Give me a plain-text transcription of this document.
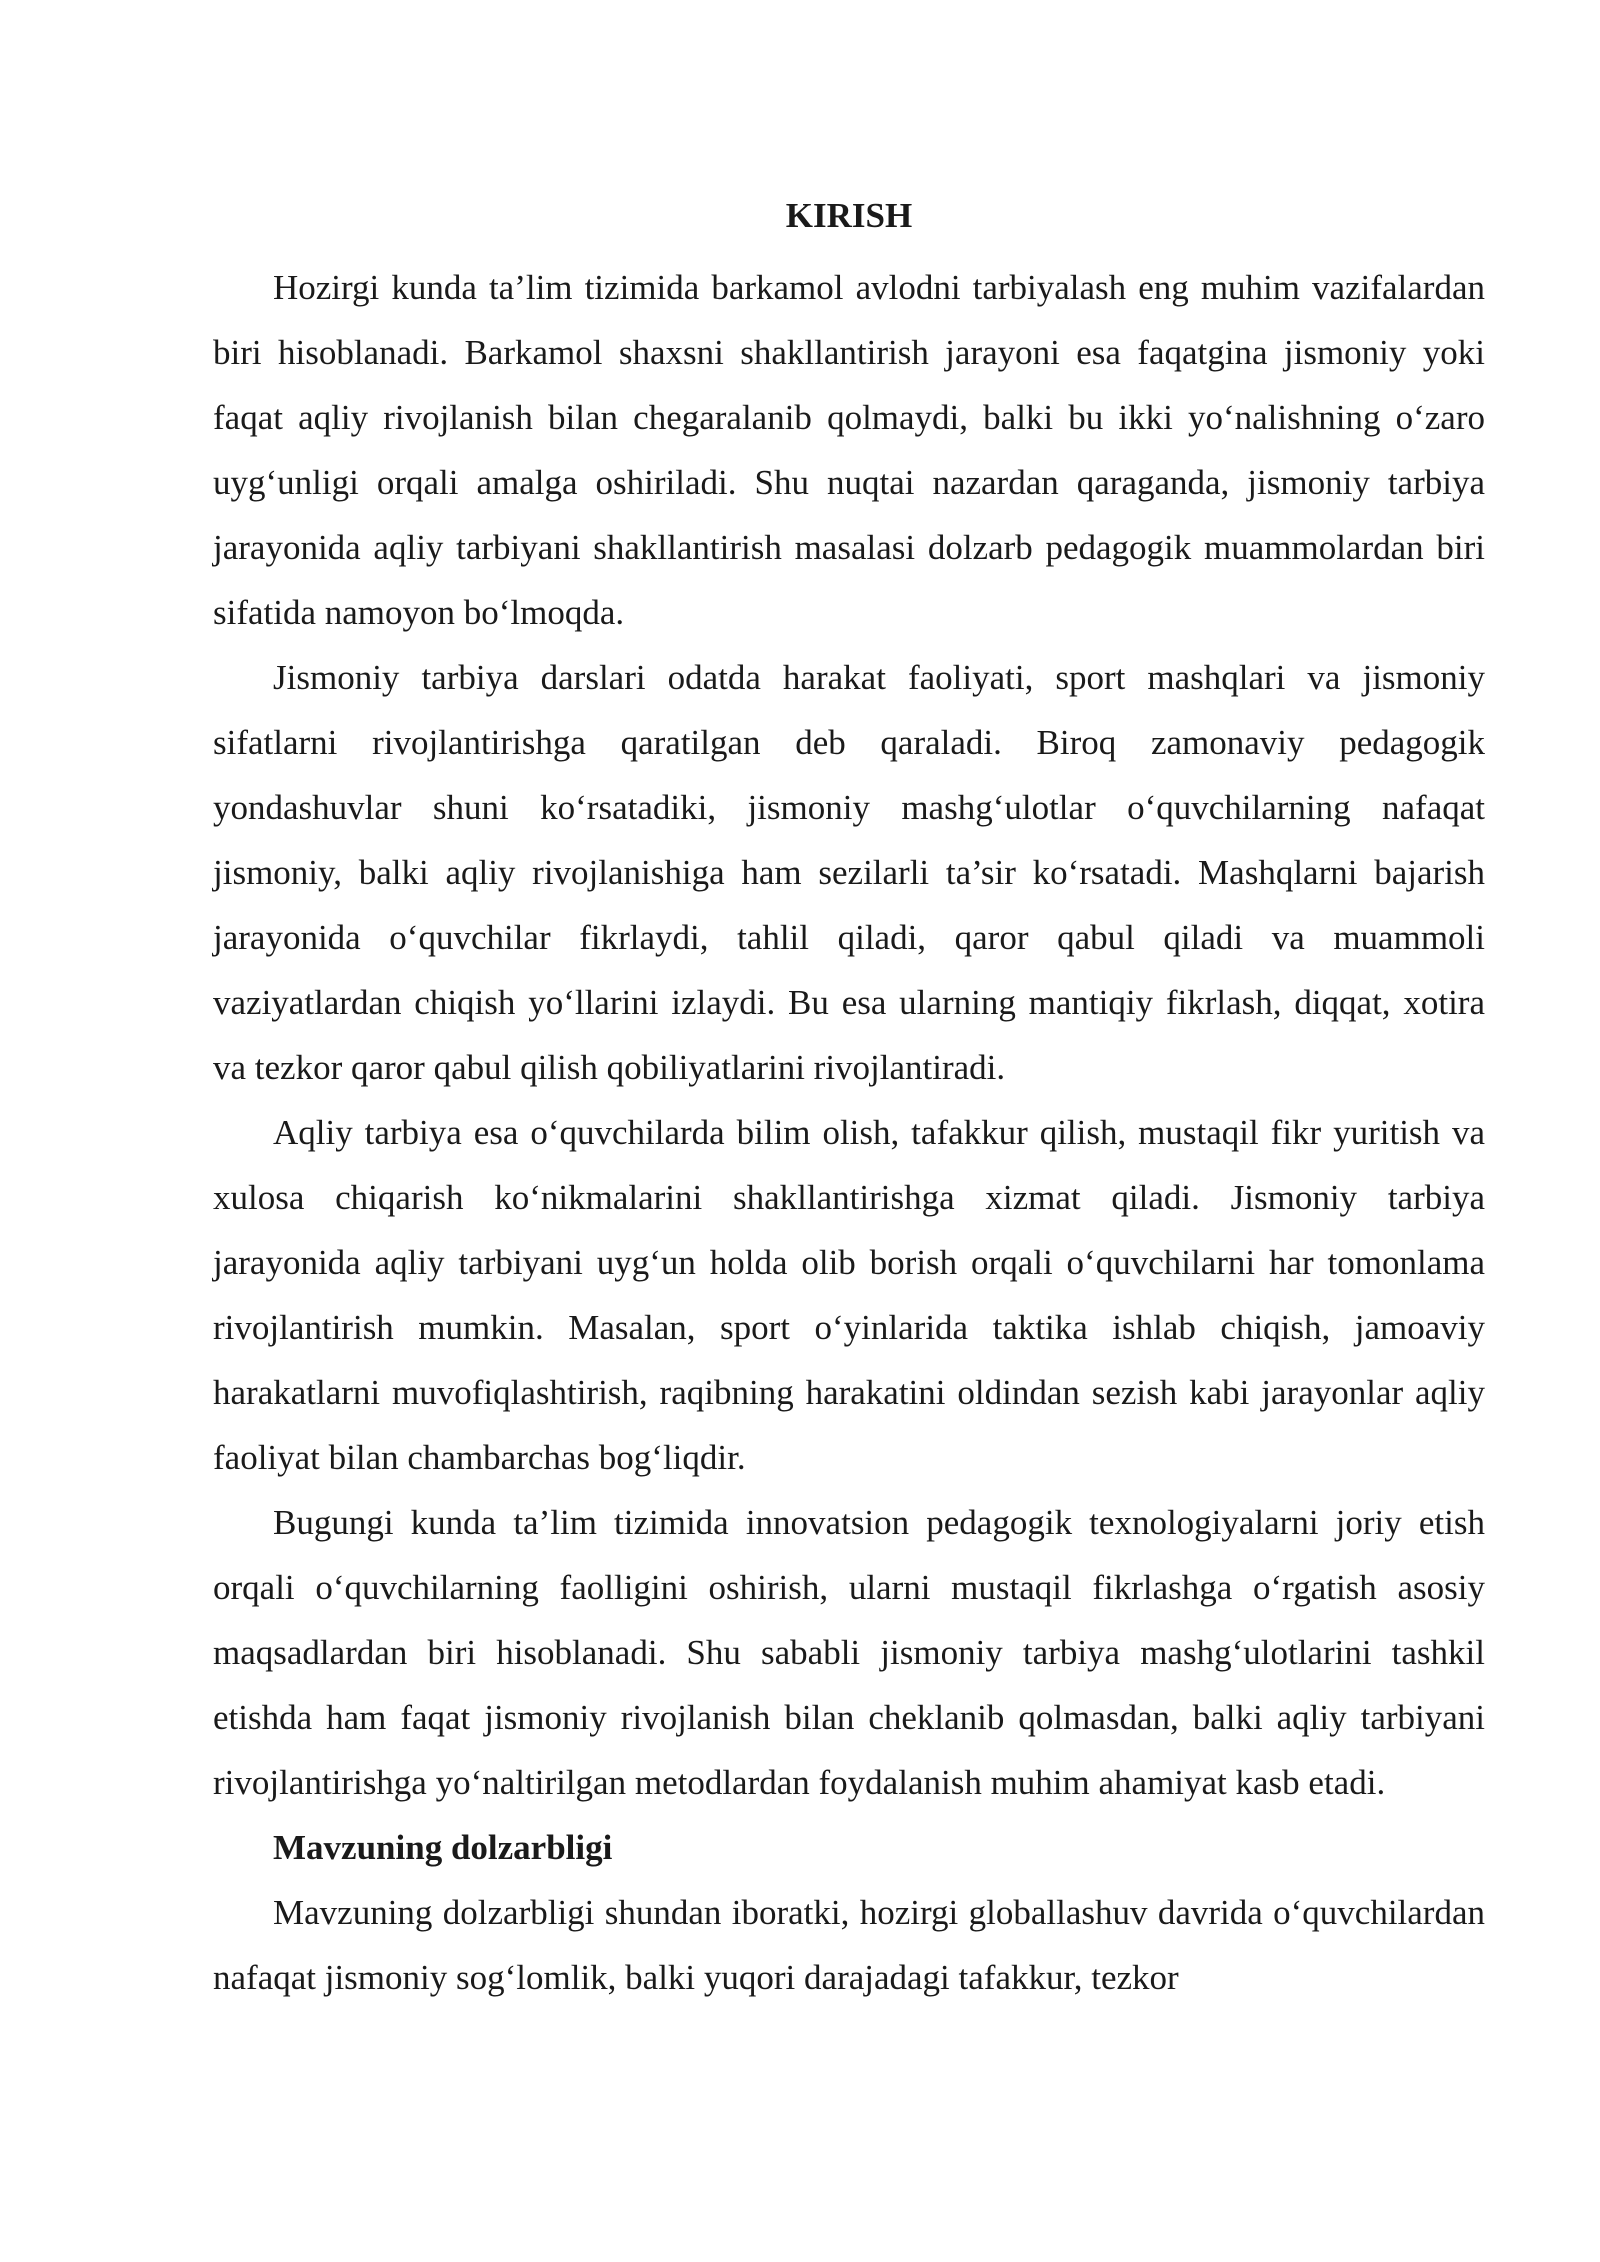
KIRISH

Hozirgi kunda ta’lim tizimida barkamol avlodni tarbiyalash eng muhim vazifalardan biri hisoblanadi. Barkamol shaxsni shakllantirish jarayoni esa faqatgina jismoniy yoki faqat aqliy rivojlanish bilan chegaralanib qolmaydi, balki bu ikki yo‘nalishning o‘zaro uyg‘unligi orqali amalga oshiriladi. Shu nuqtai nazardan qaraganda, jismoniy tarbiya jarayonida aqliy tarbiyani shakllantirish masalasi dolzarb pedagogik muammolardan biri sifatida namoyon bo‘lmoqda.

Jismoniy tarbiya darslari odatda harakat faoliyati, sport mashqlari va jismoniy sifatlarni rivojlantirishga qaratilgan deb qaraladi. Biroq zamonaviy pedagogik yondashuvlar shuni ko‘rsatadiki, jismoniy mashg‘ulotlar o‘quvchilarning nafaqat jismoniy, balki aqliy rivojlanishiga ham sezilarli ta’sir ko‘rsatadi. Mashqlarni bajarish jarayonida o‘quvchilar fikrlaydi, tahlil qiladi, qaror qabul qiladi va muammoli vaziyatlardan chiqish yo‘llarini izlaydi. Bu esa ularning mantiqiy fikrlash, diqqat, xotira va tezkor qaror qabul qilish qobiliyatlarini rivojlantiradi.

Aqliy tarbiya esa o‘quvchilarda bilim olish, tafakkur qilish, mustaqil fikr yuritish va xulosa chiqarish ko‘nikmalarini shakllantirishga xizmat qiladi. Jismoniy tarbiya jarayonida aqliy tarbiyani uyg‘un holda olib borish orqali o‘quvchilarni har tomonlama rivojlantirish mumkin. Masalan, sport o‘yinlarida taktika ishlab chiqish, jamoaviy harakatlarni muvofiqlashtirish, raqibning harakatini oldindan sezish kabi jarayonlar aqliy faoliyat bilan chambarchas bog‘liqdir.

Bugungi kunda ta’lim tizimida innovatsion pedagogik texnologiyalarni joriy etish orqali o‘quvchilarning faolligini oshirish, ularni mustaqil fikrlashga o‘rgatish asosiy maqsadlardan biri hisoblanadi. Shu sababli jismoniy tarbiya mashg‘ulotlarini tashkil etishda ham faqat jismoniy rivojlanish bilan cheklanib qolmasdan, balki aqliy tarbiyani rivojlantirishga yo‘naltirilgan metodlardan foydalanish muhim ahamiyat kasb etadi.

Mavzuning dolzarbligi

Mavzuning dolzarbligi shundan iboratki, hozirgi globallashuv davrida o‘quvchilardan nafaqat jismoniy sog‘lomlik, balki yuqori darajadagi tafakkur, tezkor
